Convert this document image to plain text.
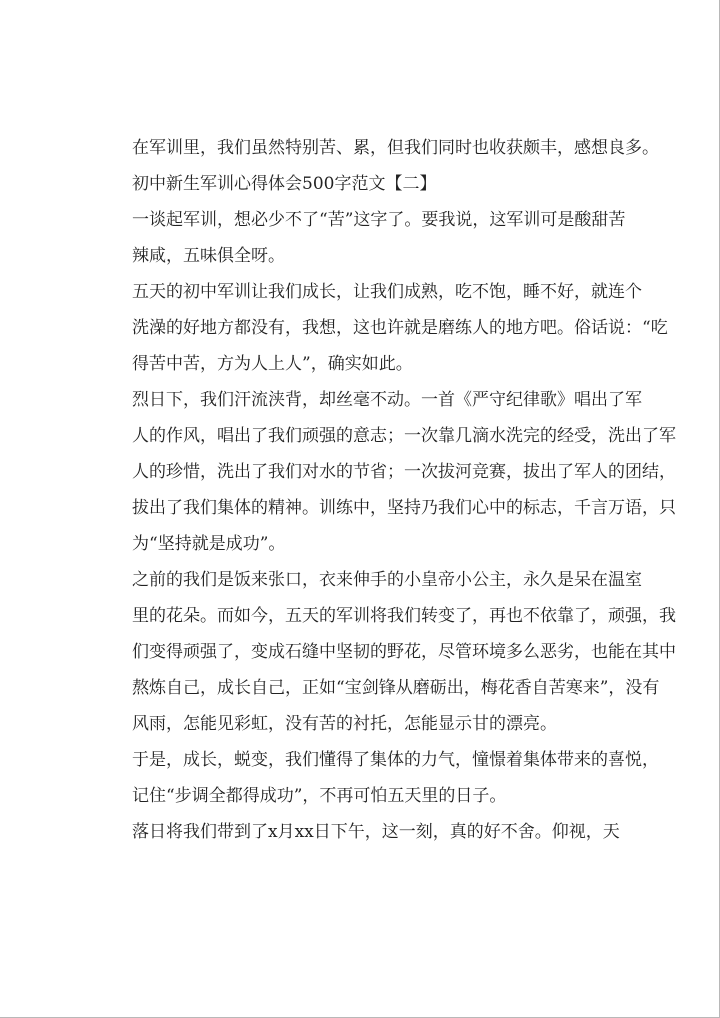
在军训里，我们虽然特别苦、累，但我们同时也收获颇丰，感想良多。
初中新生军训心得体会500字范文【二】
一谈起军训，想必少不了“苦”这字了。要我说，这军训可是酸甜苦
辣咸，五味俱全呀。
五天的初中军训让我们成长，让我们成熟，吃不饱，睡不好，就连个
洗澡的好地方都没有，我想，这也许就是磨练人的地方吧。俗话说：“吃
得苦中苦，方为人上人”，确实如此。
烈日下，我们汗流浃背，却丝毫不动。一首《严守纪律歌》唱出了军
人的作风，唱出了我们顽强的意志；一次靠几滴水洗完的经受，洗出了军
人的珍惜，洗出了我们对水的节省；一次拔河竞赛，拔出了军人的团结，
拔出了我们集体的精神。训练中，坚持乃我们心中的标志，千言万语，只
为“坚持就是成功”。
之前的我们是饭来张口，衣来伸手的小皇帝小公主，永久是呆在温室
里的花朵。而如今，五天的军训将我们转变了，再也不依靠了，顽强，我
们变得顽强了，变成石缝中坚韧的野花，尽管环境多么恶劣，也能在其中
熬炼自己，成长自己，正如“宝剑锋从磨砺出，梅花香自苦寒来”，没有
风雨，怎能见彩虹，没有苦的衬托，怎能显示甘的漂亮。
于是，成长，蜕变，我们懂得了集体的力气，憧憬着集体带来的喜悦，
记住“步调全都得成功”，不再可怕五天里的日子。
落日将我们带到了x月xx日下午，这一刻，真的好不舍。仰视，天
